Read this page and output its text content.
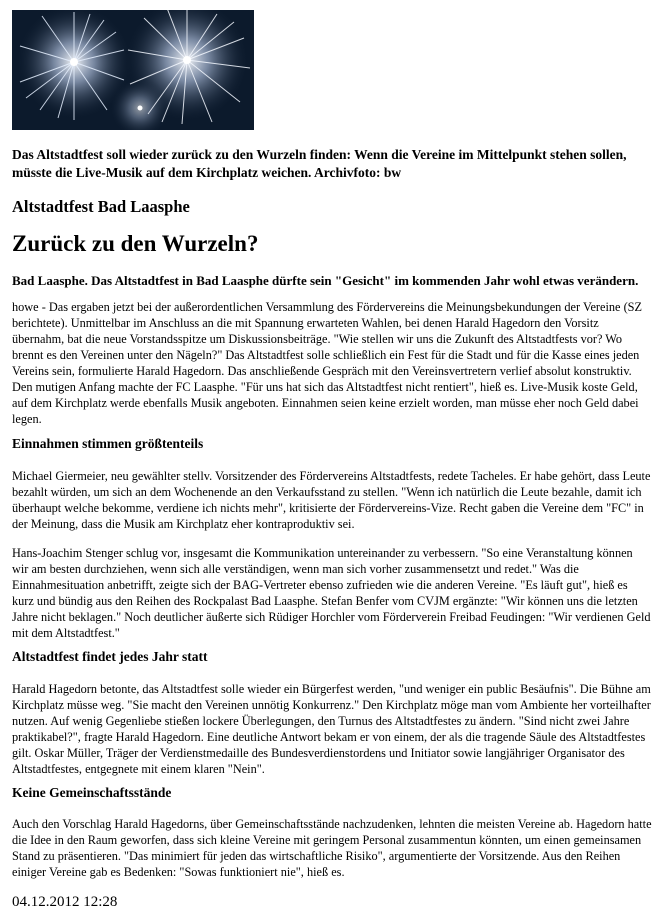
Das Altstadtfest soll wieder zurück zu den Wurzeln finden: Wenn die Vereine im Mittelpunkt stehen sollen, müsste die Live-Musik auf dem Kirchplatz weichen. Archivfoto: bw
Altstadtfest Bad Laasphe
Zurück zu den Wurzeln?
Bad Laasphe. Das Altstadtfest in Bad Laasphe dürfte sein "Gesicht" im kommenden Jahr wohl etwas verändern.
howe - Das ergaben jetzt bei der außerordentlichen Versammlung des Fördervereins die Meinungsbekundungen der Vereine (SZ berichtete). Unmittelbar im Anschluss an die mit Spannung erwarteten Wahlen, bei denen Harald Hagedorn den Vorsitz übernahm, bat die neue Vorstandsspitze um Diskussionsbeiträge. "Wie stellen wir uns die Zukunft des Altstadtfests vor? Wo brennt es den Vereinen unter den Nägeln?" Das Altstadtfest solle schließlich ein Fest für die Stadt und für die Kasse eines jeden Vereins sein, formulierte Harald Hagedorn. Das anschließende Gespräch mit den Vereinsvertretern verlief absolut konstruktiv. Den mutigen Anfang machte der FC Laasphe. "Für uns hat sich das Altstadtfest nicht rentiert", hieß es. Live-Musik koste Geld, auf dem Kirchplatz werde ebenfalls Musik angeboten. Einnahmen seien keine erzielt worden, man müsse eher noch Geld dabei legen.
Einnahmen stimmen größtenteils
Michael Giermeier, neu gewählter stellv. Vorsitzender des Fördervereins Altstadtfests, redete Tacheles. Er habe gehört, dass Leute bezahlt würden, um sich an dem Wochenende an den Verkaufsstand zu stellen. "Wenn ich natürlich die Leute bezahle, damit ich überhaupt welche bekomme, verdiene ich nichts mehr", kritisierte der Fördervereins-Vize. Recht gaben die Vereine dem "FC" in der Meinung, dass die Musik am Kirchplatz eher kontraproduktiv sei.
Hans-Joachim Stenger schlug vor, insgesamt die Kommunikation untereinander zu verbessern. "So eine Veranstaltung können wir am besten durchziehen, wenn sich alle verständigen, wenn man sich vorher zusammensetzt und redet." Was die Einnahmesituation anbetrifft, zeigte sich der BAG-Vertreter ebenso zufrieden wie die anderen Vereine. "Es läuft gut", hieß es kurz und bündig aus den Reihen des Rockpalast Bad Laasphe. Stefan Benfer vom CVJM ergänzte: "Wir können uns die letzten Jahre nicht beklagen." Noch deutlicher äußerte sich Rüdiger Horchler vom Förderverein Freibad Feudingen: "Wir verdienen Geld mit dem Altstadtfest."
Altstadtfest findet jedes Jahr statt
Harald Hagedorn betonte, das Altstadtfest solle wieder ein Bürgerfest werden, "und weniger ein public Besäufnis". Die Bühne am Kirchplatz müsse weg. "Sie macht den Vereinen unnötig Konkurrenz." Den Kirchplatz möge man vom Ambiente her vorteilhafter nutzen. Auf wenig Gegenliebe stießen lockere Überlegungen, den Turnus des Altstadtfestes zu ändern. "Sind nicht zwei Jahre praktikabel?", fragte Harald Hagedorn. Eine deutliche Antwort bekam er von einem, der als die tragende Säule des Altstadtfestes gilt. Oskar Müller, Träger der Verdienstmedaille des Bundesverdienstordens und Initiator sowie langjähriger Organisator des Altstadtfestes, entgegnete mit einem klaren "Nein".
Keine Gemeinschaftsstände
Auch den Vorschlag Harald Hagedorns, über Gemeinschaftsstände nachzudenken, lehnten die meisten Vereine ab. Hagedorn hatte die Idee in den Raum geworfen, dass sich kleine Vereine mit geringem Personal zusammentun könnten, um einen gemeinsamen Stand zu präsentieren. "Das minimiert für jeden das wirtschaftliche Risiko", argumentierte der Vorsitzende. Aus den Reihen einiger Vereine gab es Bedenken: "Sowas funktioniert nie", hieß es.
04.12.2012 12:28
